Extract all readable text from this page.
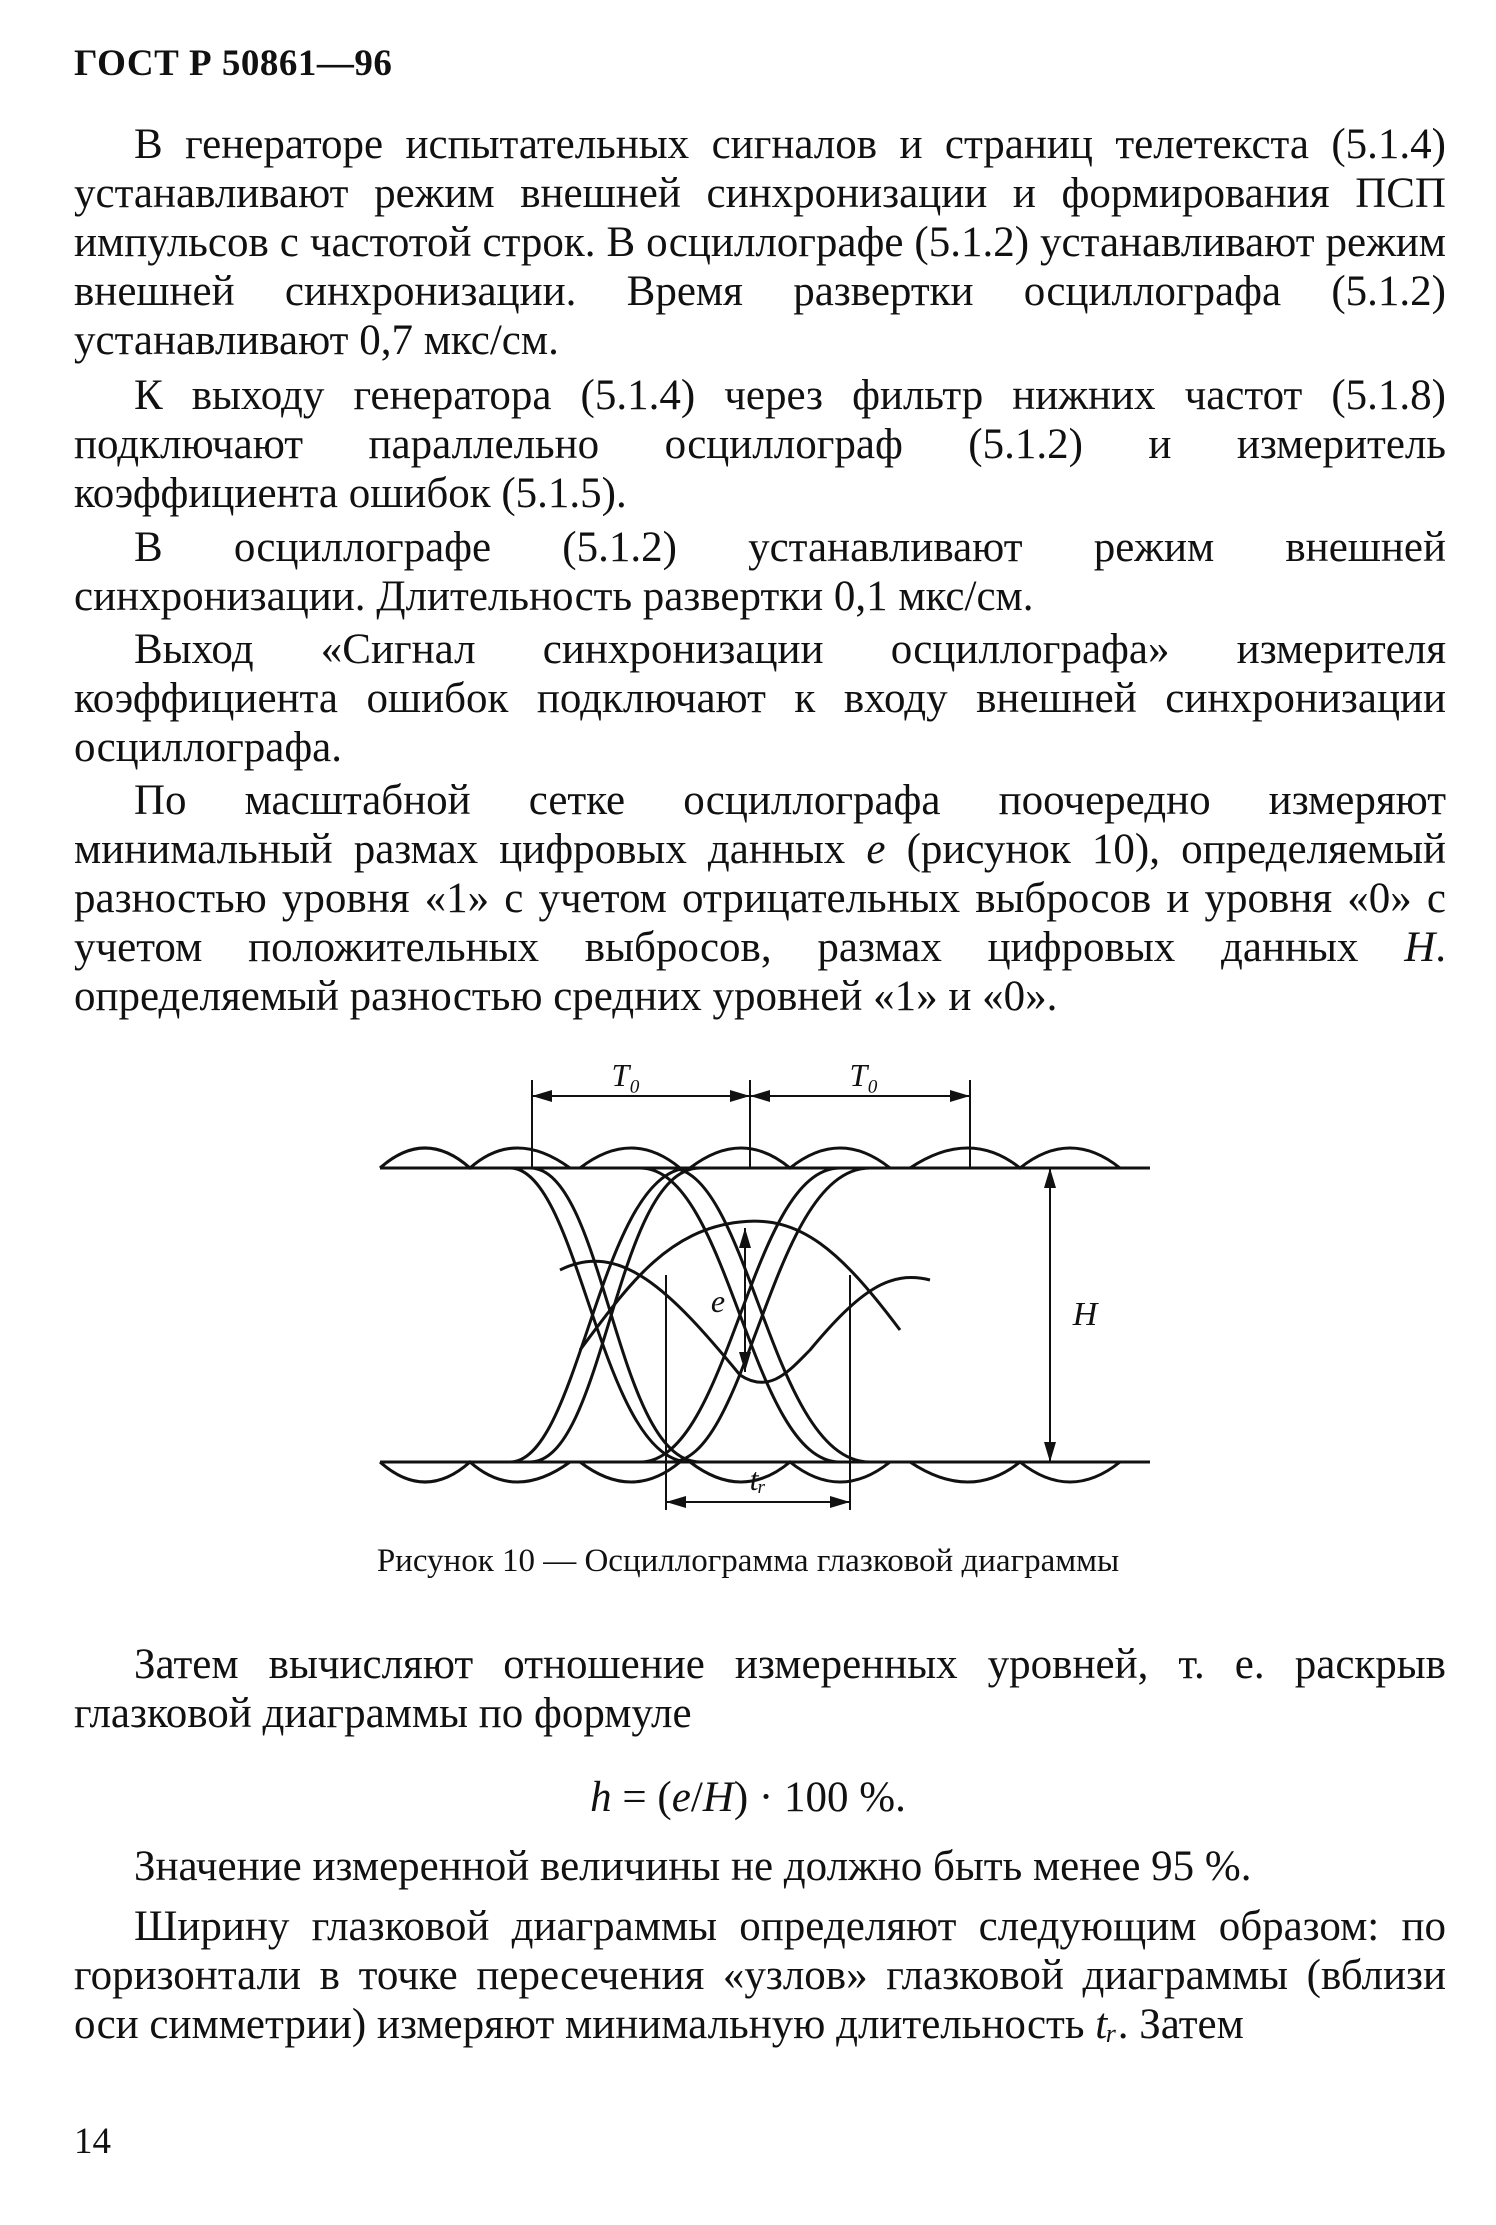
ГОСТ Р 50861—96
В генераторе испытательных сигналов и страниц телетекста (5.1.4) устанавливают режим внешней синхронизации и формирования ПСП импульсов с частотой строк. В осциллографе (5.1.2) устанавливают режим внешней синхронизации. Время развертки осциллографа (5.1.2) устанавливают 0,7 мкс/см.
К выходу генератора (5.1.4) через фильтр нижних частот (5.1.8) подключают параллельно осциллограф (5.1.2) и измеритель коэффициента ошибок (5.1.5).
В осциллографе (5.1.2) устанавливают режим внешней синхронизации. Длительность развертки 0,1 мкс/см.
Выход «Сигнал синхронизации осциллографа» измерителя коэффициента ошибок подключают к входу внешней синхронизации осциллографа.
По масштабной сетке осциллографа поочередно измеряют минимальный размах цифровых данных e (рисунок 10), определяемый разностью уровня «1» с учетом отрицательных выбросов и уровня «0» с учетом положительных выбросов, размах цифровых данных H. определяемый разностью средних уровней «1» и «0».
T₀	T₀
e	H
tᵣ
Рисунок 10 — Осциллограмма глазковой диаграммы
Затем вычисляют отношение измеренных уровней, т. е. раскрыв глазковой диаграммы по формуле
h = (e/H) · 100 %.
Значение измеренной величины не должно быть менее 95 %.
Ширину глазковой диаграммы определяют следующим образом: по горизонтали в точке пересечения «узлов» глазковой диаграммы (вблизи оси симметрии) измеряют минимальную длительность tᵣ. Затем
14
